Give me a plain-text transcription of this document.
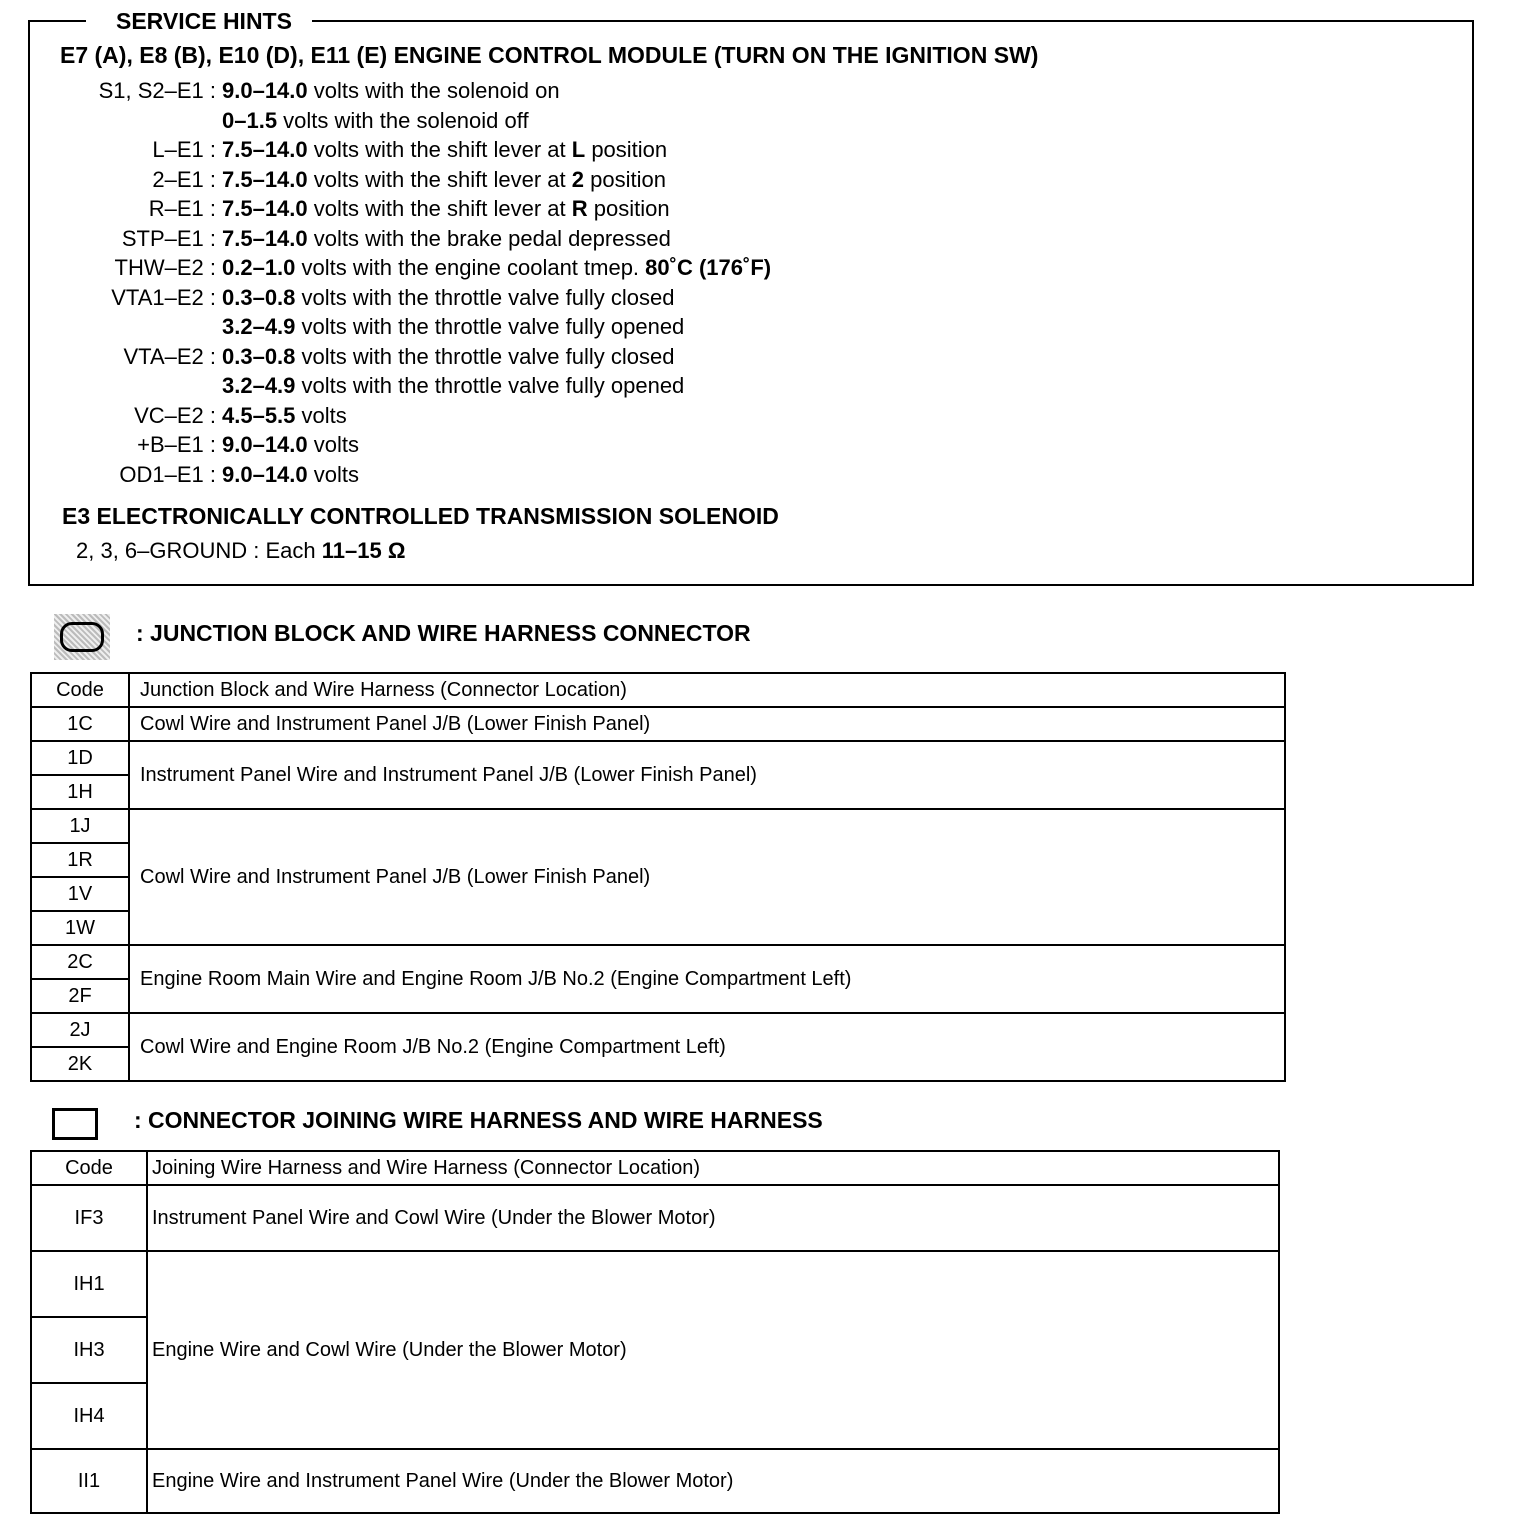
SERVICE HINTS
E7 (A), E8 (B), E10 (D), E11 (E) ENGINE CONTROL MODULE (TURN ON THE IGNITION SW)
S1, S2–E1 : 9.0–14.0 volts with the solenoid on
0–1.5 volts with the solenoid off
L–E1 : 7.5–14.0 volts with the shift lever at L position
2–E1 : 7.5–14.0 volts with the shift lever at 2 position
R–E1 : 7.5–14.0 volts with the shift lever at R position
STP–E1 : 7.5–14.0 volts with the brake pedal depressed
THW–E2 : 0.2–1.0 volts with the engine coolant tmep. 80˚C (176˚F)
VTA1–E2 : 0.3–0.8 volts with the throttle valve fully closed
3.2–4.9 volts with the throttle valve fully opened
VTA–E2 : 0.3–0.8 volts with the throttle valve fully closed
3.2–4.9 volts with the throttle valve fully opened
VC–E2 : 4.5–5.5 volts
+B–E1 : 9.0–14.0 volts
OD1–E1 : 9.0–14.0 volts
E3 ELECTRONICALLY CONTROLLED TRANSMISSION SOLENOID
2, 3, 6–GROUND : Each 11–15 Ω
: JUNCTION BLOCK AND WIRE HARNESS CONNECTOR
Code	Junction Block and Wire Harness (Connector Location)
1C	Cowl Wire and Instrument Panel J/B (Lower Finish Panel)
1D	Instrument Panel Wire and Instrument Panel J/B (Lower Finish Panel)
1H	
1J	Cowl Wire and Instrument Panel J/B (Lower Finish Panel)
1R	
1V	
1W	
2C	Engine Room Main Wire and Engine Room J/B No.2 (Engine Compartment Left)
2F	
2J	Cowl Wire and Engine Room J/B No.2 (Engine Compartment Left)
2K	
: CONNECTOR JOINING WIRE HARNESS AND WIRE HARNESS
Code	Joining Wire Harness and Wire Harness (Connector Location)
IF3	Instrument Panel Wire and Cowl Wire (Under the Blower Motor)
IH1	Engine Wire and Cowl Wire (Under the Blower Motor)
IH3	
IH4	
II1	Engine Wire and Instrument Panel Wire (Under the Blower Motor)
